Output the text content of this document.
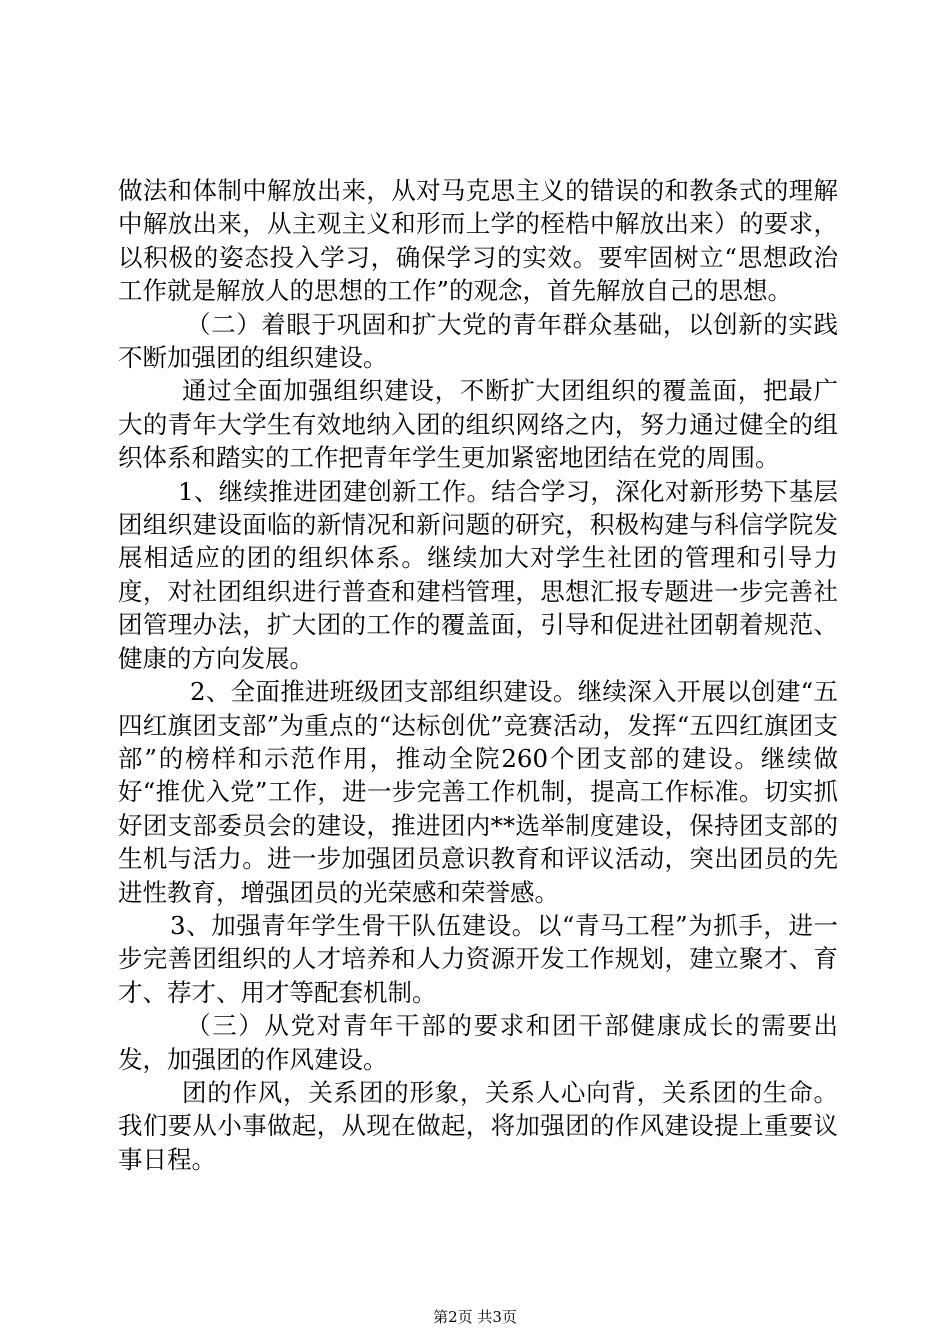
做法和体制中解放出来，从对马克思主义的错误的和教条式的理解中解放出来，从主观主义和形而上学的桎梏中解放出来）的要求，以积极的姿态投入学习，确保学习的实效。要牢固树立“思想政治工作就是解放人的思想的工作”的观念，首先解放自己的思想。

（二）着眼于巩固和扩大党的青年群众基础，以创新的实践不断加强团的组织建设。

通过全面加强组织建设，不断扩大团组织的覆盖面，把最广大的青年大学生有效地纳入团的组织网络之内，努力通过健全的组织体系和踏实的工作把青年学生更加紧密地团结在党的周围。

1、继续推进团建创新工作。结合学习，深化对新形势下基层团组织建设面临的新情况和新问题的研究，积极构建与科信学院发展相适应的团的组织体系。继续加大对学生社团的管理和引导力度，对社团组织进行普查和建档管理，思想汇报专题进一步完善社团管理办法，扩大团的工作的覆盖面，引导和促进社团朝着规范、健康的方向发展。

2、全面推进班级团支部组织建设。继续深入开展以创建“五四红旗团支部”为重点的“达标创优”竞赛活动，发挥“五四红旗团支部”的榜样和示范作用，推动全院260个团支部的建设。继续做好“推优入党”工作，进一步完善工作机制，提高工作标准。切实抓好团支部委员会的建设，推进团内**选举制度建设，保持团支部的生机与活力。进一步加强团员意识教育和评议活动，突出团员的先进性教育，增强团员的光荣感和荣誉感。

3、加强青年学生骨干队伍建设。以“青马工程”为抓手，进一步完善团组织的人才培养和人力资源开发工作规划，建立聚才、育才、荐才、用才等配套机制。

（三）从党对青年干部的要求和团干部健康成长的需要出发，加强团的作风建设。

团的作风，关系团的形象，关系人心向背，关系团的生命。我们要从小事做起，从现在做起，将加强团的作风建设提上重要议事日程。

第2页 共3页
